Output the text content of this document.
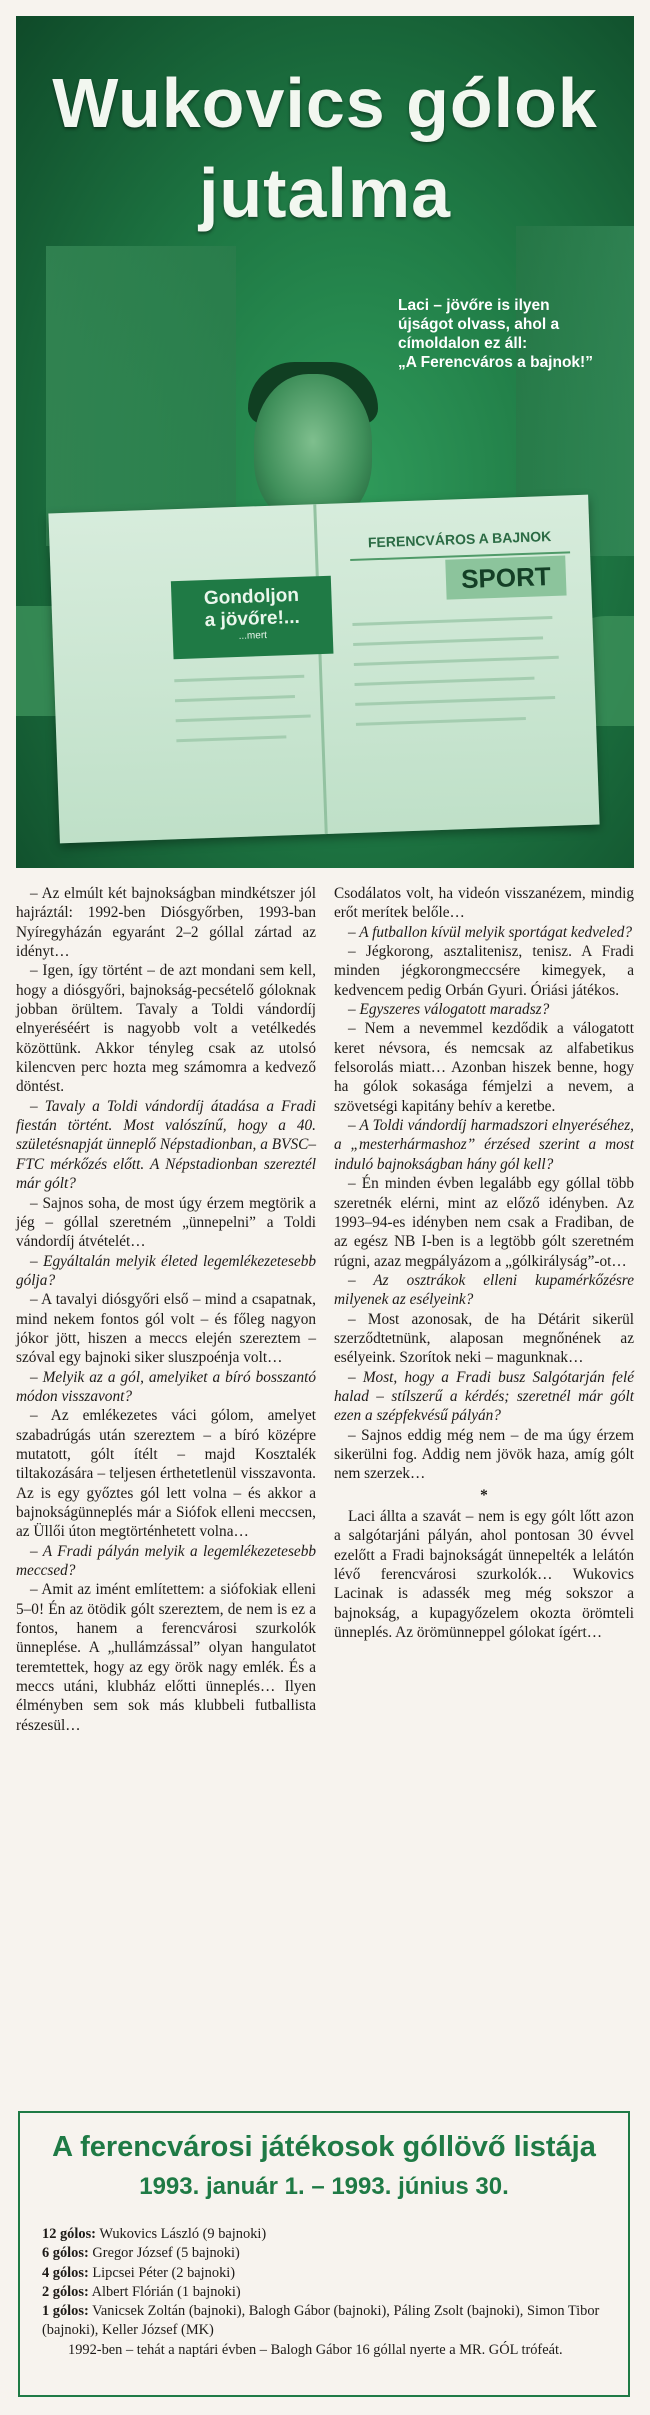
Wukovics gólok
jutalma
Laci – jövőre is ilyen
újságot olvass, ahol a
címoldalon ez áll:
„A Ferencváros a bajnok!”
Gondoljon
a jövőre!...
...mert
FERENCVÁROS A BAJNOK
SPORT

– Az elmúlt két bajnokságban mindkétszer jól hajráztál: 1992-ben Diósgyőrben, 1993-ban Nyíregyházán egyaránt 2–2 góllal zártad az idényt…

– Igen, így történt – de azt mondani sem kell, hogy a diósgyőri, bajnokság-pecsételő góloknak jobban örültem. Tavaly a Toldi vándordíj elnyeréséért is nagyobb volt a vetélkedés közöttünk. Akkor tényleg csak az utolsó kilencven perc hozta meg számomra a kedvező döntést.

– Tavaly a Toldi vándordíj átadása a Fradi fiestán történt. Most valószínű, hogy a 40. születésnapját ünneplő Népstadionban, a BVSC–FTC mérkőzés előtt. A Népstadionban szereztél már gólt?

– Sajnos soha, de most úgy érzem megtörik a jég – góllal szeretném „ünnepelni” a Toldi vándordíj átvételét…

– Egyáltalán melyik életed legemlékezetesebb gólja?

– A tavalyi diósgyőri első – mind a csapatnak, mind nekem fontos gól volt – és főleg nagyon jókor jött, hiszen a meccs elején szereztem – szóval egy bajnoki siker sluszpoénja volt…

– Melyik az a gól, amelyiket a bíró bosszantó módon visszavont?

– Az emlékezetes váci gólom, amelyet szabadrúgás után szereztem – a bíró középre mutatott, gólt ítélt – majd Kosztalék tiltakozására – teljesen érthetetlenül visszavonta. Az is egy győztes gól lett volna – és akkor a bajnokságünneplés már a Siófok elleni meccsen, az Üllői úton megtörténhetett volna…

– A Fradi pályán melyik a legemlékezetesebb meccsed?

– Amit az imént említettem: a siófokiak elleni 5–0! Én az ötödik gólt szereztem, de nem is ez a fontos, hanem a ferencvárosi szurkolók ünneplése. A „hullámzással” olyan hangulatot teremtettek, hogy az egy örök nagy emlék. És a meccs utáni, klubház előtti ünneplés… Ilyen élményben sem sok más klubbeli futballista részesül…

Csodálatos volt, ha videón visszanézem, mindig erőt merítek belőle…

– A futballon kívül melyik sportágat kedveled?

– Jégkorong, asztalitenisz, tenisz. A Fradi minden jégkorongmeccsére kimegyek, a kedvencem pedig Orbán Gyuri. Óriási játékos.

– Egyszeres válogatott maradsz?

– Nem a nevemmel kezdődik a válogatott keret névsora, és nemcsak az alfabetikus felsorolás miatt… Azonban hiszek benne, hogy ha gólok sokasága fémjelzi a nevem, a szövetségi kapitány behív a keretbe.

– A Toldi vándordíj harmadszori elnyeréséhez, a „mesterhármashoz” érzésed szerint a most induló bajnokságban hány gól kell?

– Én minden évben legalább egy góllal több szeretnék elérni, mint az előző idényben. Az 1993–94-es idényben nem csak a Fradiban, de az egész NB I-ben is a legtöbb gólt szeretném rúgni, azaz megpályázom a „gólkirályság”-ot…

– Az osztrákok elleni kupamérkőzésre milyenek az esélyeink?

– Most azonosak, de ha Détárit sikerül szerződtetnünk, alaposan megnőnének az esélyeink. Szorítok neki – magunknak…

– Most, hogy a Fradi busz Salgótarján felé halad – stílszerű a kérdés; szeretnél már gólt ezen a szépfekvésű pályán?

– Sajnos eddig még nem – de ma úgy érzem sikerülni fog. Addig nem jövök haza, amíg gólt nem szerzek…

*

Laci állta a szavát – nem is egy gólt lőtt azon a salgótarjáni pályán, ahol pontosan 30 évvel ezelőtt a Fradi bajnokságát ünnepelték a lelátón lévő ferencvárosi szurkolók… Wukovics Lacinak is adassék meg még sokszor a bajnokság, a kupagyőzelem okozta örömteli ünneplés. Az örömünneppel gólokat ígért…

A ferencvárosi játékosok góllövő listája
1993. január 1. – 1993. június 30.
12 gólos: Wukovics László (9 bajnoki)
6 gólos: Gregor József (5 bajnoki)
4 gólos: Lipcsei Péter (2 bajnoki)
2 gólos: Albert Flórián (1 bajnoki)
1 gólos: Vanicsek Zoltán (bajnoki), Balogh Gábor (bajnoki), Páling Zsolt (bajnoki), Simon Tibor (bajnoki), Keller József (MK)
1992-ben – tehát a naptári évben – Balogh Gábor 16 góllal nyerte a MR. GÓL trófeát.
